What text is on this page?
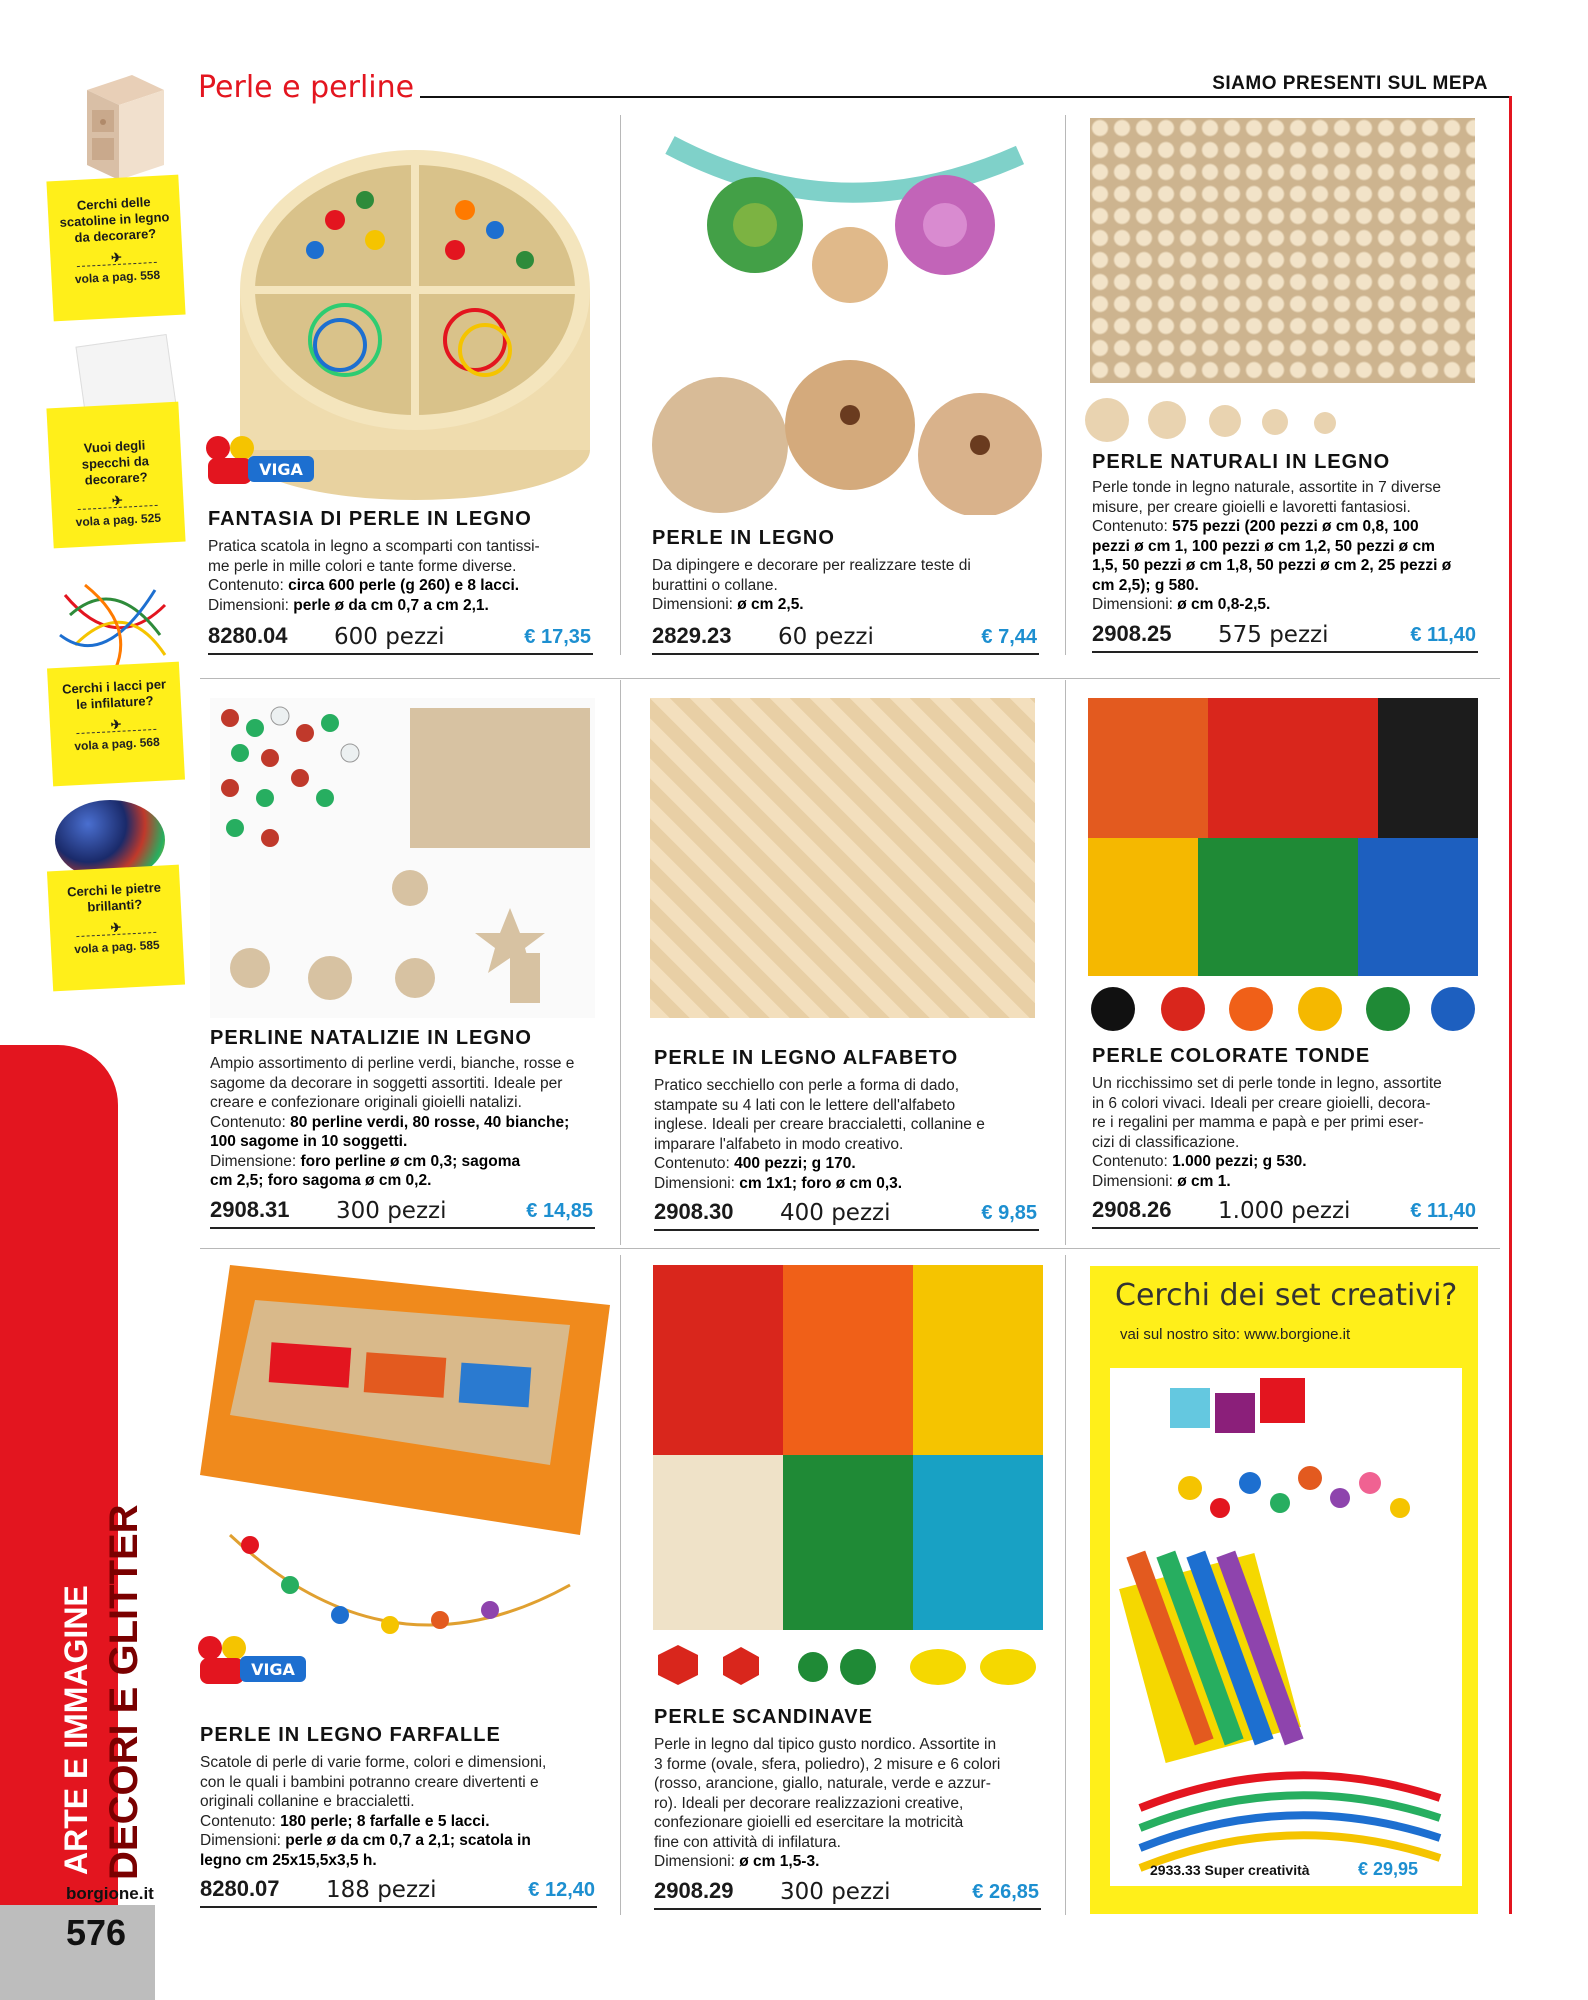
Perle e perline	SIAMO PRESENTI SUL MEPA
Cerchi delle scatoline in legno da decorare?
✈
vola a pag. 558
Vuoi degli specchi da decorare?
✈
vola a pag. 525
Cerchi i lacci per le infilature?
✈
vola a pag. 568
Cerchi le pietre brillanti?
✈
vola a pag. 585
ARTE E IMMAGINE DECORI E GLITTER
borgione.it
576
VIGA
FANTASIA DI PERLE IN LEGNO
Pratica scatola in legno a scomparti con tantissi-
me perle in mille colori e tante forme diverse.
Contenuto: circa 600 perle (g 260) e 8 lacci.
Dimensioni: perle ø da cm 0,7 a cm 2,1.
8280.04 600 pezzi	€ 17,35
PERLE IN LEGNO
Da dipingere e decorare per realizzare teste di
burattini o collane.
Dimensioni: ø cm 2,5.
2829.23 60 pezzi	€ 7,44
PERLE NATURALI IN LEGNO
Perle tonde in legno naturale, assortite in 7 diverse
misure, per creare gioielli e lavoretti fantasiosi.
Contenuto: 575 pezzi (200 pezzi ø cm 0,8, 100
pezzi ø cm 1, 100 pezzi ø cm 1,2, 50 pezzi ø cm
1,5, 50 pezzi ø cm 1,8, 50 pezzi ø cm 2, 25 pezzi ø
cm 2,5); g 580.
Dimensioni: ø cm 0,8-2,5.
2908.25 575 pezzi	€ 11,40
PERLINE NATALIZIE IN LEGNO
Ampio assortimento di perline verdi, bianche, rosse e
sagome da decorare in soggetti assortiti. Ideale per
creare e confezionare originali gioielli natalizi.
Contenuto: 80 perline verdi, 80 rosse, 40 bianche;
100 sagome in 10 soggetti.
Dimensione: foro perline ø cm 0,3; sagoma
cm 2,5; foro sagoma ø cm 0,2.
2908.31 300 pezzi	€ 14,85
PERLE IN LEGNO ALFABETO
Pratico secchiello con perle a forma di dado,
stampate su 4 lati con le lettere dell'alfabeto
inglese. Ideali per creare braccialetti, collanine e
imparare l'alfabeto in modo creativo.
Contenuto: 400 pezzi; g 170.
Dimensioni: cm 1x1; foro ø cm 0,3.
2908.30 400 pezzi	€ 9,85
PERLE COLORATE TONDE
Un ricchissimo set di perle tonde in legno, assortite
in 6 colori vivaci. Ideali per creare gioielli, decora-
re i regalini per mamma e papà e per primi eser-
cizi di classificazione.
Contenuto: 1.000 pezzi; g 530.
Dimensioni: ø cm 1.
2908.26 1.000 pezzi	€ 11,40
VIGA
PERLE IN LEGNO FARFALLE
Scatole di perle di varie forme, colori e dimensioni,
con le quali i bambini potranno creare divertenti e
originali collanine e braccialetti.
Contenuto: 180 perle; 8 farfalle e 5 lacci.
Dimensioni: perle ø da cm 0,7 a 2,1; scatola in
legno cm 25x15,5x3,5 h.
8280.07 188 pezzi	€ 12,40
PERLE SCANDINAVE
Perle in legno dal tipico gusto nordico. Assortite in
3 forme (ovale, sfera, poliedro), 2 misure e 6 colori
(rosso, arancione, giallo, naturale, verde e azzur-
ro). Ideali per decorare realizzazioni creative,
confezionare gioielli ed esercitare la motricità
fine con attività di infilatura.
Dimensioni: ø cm 1,5-3.
2908.29 300 pezzi	€ 26,85
Cerchi dei set creativi?
vai sul nostro sito: www.borgione.it
2933.33 Super creatività	€ 29,95
